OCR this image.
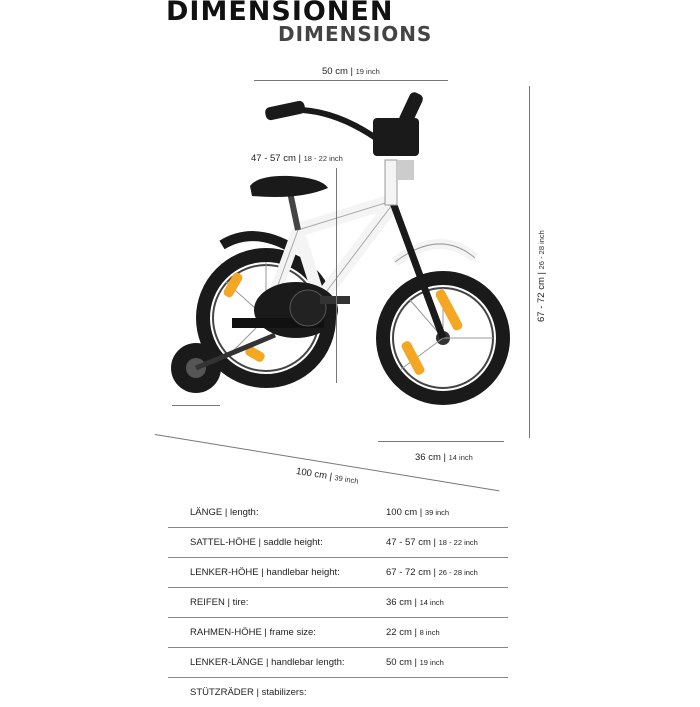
DIMENSIONEN
DIMENSIONS
50 cm | 19 inch
47 - 57 cm | 18 - 22 inch
67 - 72 cm | 26 - 28 inch
36 cm | 14 inch
100 cm | 39 inch
LÄNGE | length:	100 cm | 39 inch
SATTEL-HÖHE | saddle height:	47 - 57 cm | 18 - 22 inch
LENKER-HÖHE | handlebar height:	67 - 72 cm | 26 - 28 inch
REIFEN | tire:	36 cm | 14 inch
RAHMEN-HÖHE | frame size:	22 cm | 8 inch
LENKER-LÄNGE | handlebar length:	50 cm | 19 inch
STÜTZRÄDER | stabilizers:	
